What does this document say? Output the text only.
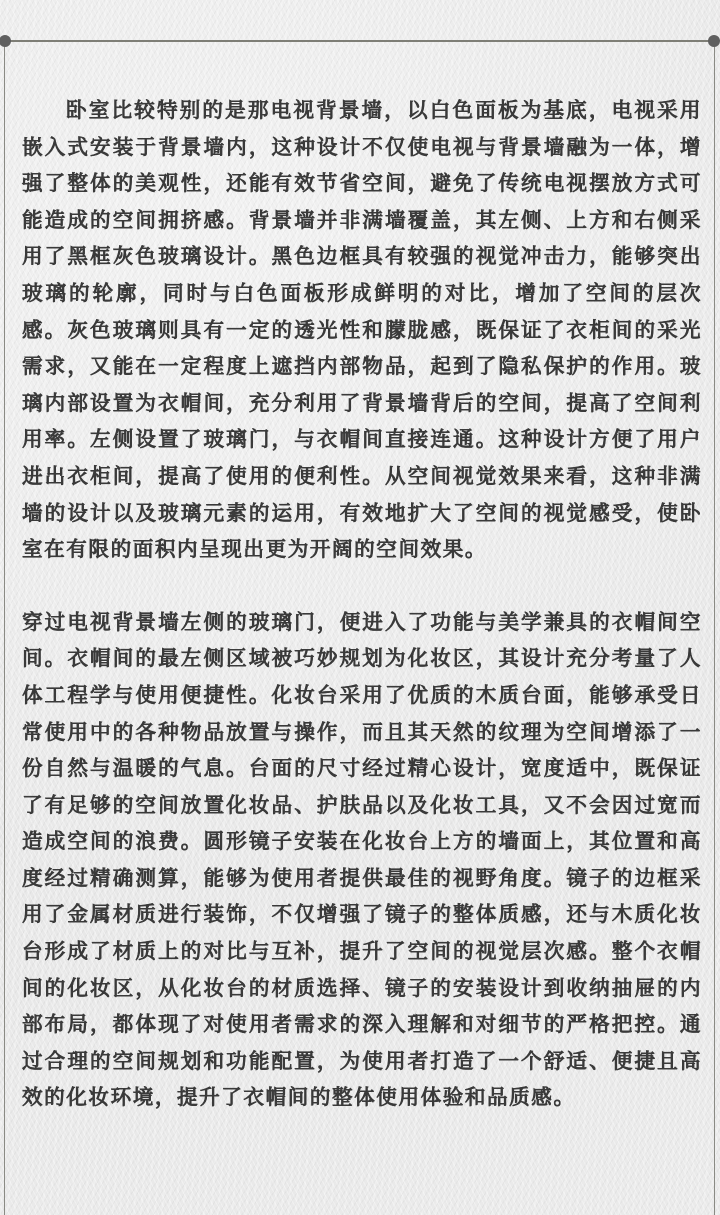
卧室比较特别的是那电视背景墙，以白色面板为基底，电视采用嵌入式安装于背景墙内，这种设计不仅使电视与背景墙融为一体，增强了整体的美观性，还能有效节省空间，避免了传统电视摆放方式可能造成的空间拥挤感。背景墙并非满墙覆盖，其左侧、上方和右侧采用了黑框灰色玻璃设计。黑色边框具有较强的视觉冲击力，能够突出玻璃的轮廓，同时与白色面板形成鲜明的对比，增加了空间的层次感。灰色玻璃则具有一定的透光性和朦胧感，既保证了衣柜间的采光需求，又能在一定程度上遮挡内部物品，起到了隐私保护的作用。玻璃内部设置为衣帽间，充分利用了背景墙背后的空间，提高了空间利用率。左侧设置了玻璃门，与衣帽间直接连通。这种设计方便了用户进出衣柜间，提高了使用的便利性。从空间视觉效果来看，这种非满墙的设计以及玻璃元素的运用，有效地扩大了空间的视觉感受，使卧室在有限的面积内呈现出更为开阔的空间效果。

穿过电视背景墙左侧的玻璃门，便进入了功能与美学兼具的衣帽间空间。衣帽间的最左侧区域被巧妙规划为化妆区，其设计充分考量了人体工程学与使用便捷性。化妆台采用了优质的木质台面，能够承受日常使用中的各种物品放置与操作，而且其天然的纹理为空间增添了一份自然与温暖的气息。台面的尺寸经过精心设计，宽度适中，既保证了有足够的空间放置化妆品、护肤品以及化妆工具，又不会因过宽而造成空间的浪费。圆形镜子安装在化妆台上方的墙面上，其位置和高度经过精确测算，能够为使用者提供最佳的视野角度。镜子的边框采用了金属材质进行装饰，不仅增强了镜子的整体质感，还与木质化妆台形成了材质上的对比与互补，提升了空间的视觉层次感。整个衣帽间的化妆区，从化妆台的材质选择、镜子的安装设计到收纳抽屉的内部布局，都体现了对使用者需求的深入理解和对细节的严格把控。通过合理的空间规划和功能配置，为使用者打造了一个舒适、便捷且高效的化妆环境，提升了衣帽间的整体使用体验和品质感。
